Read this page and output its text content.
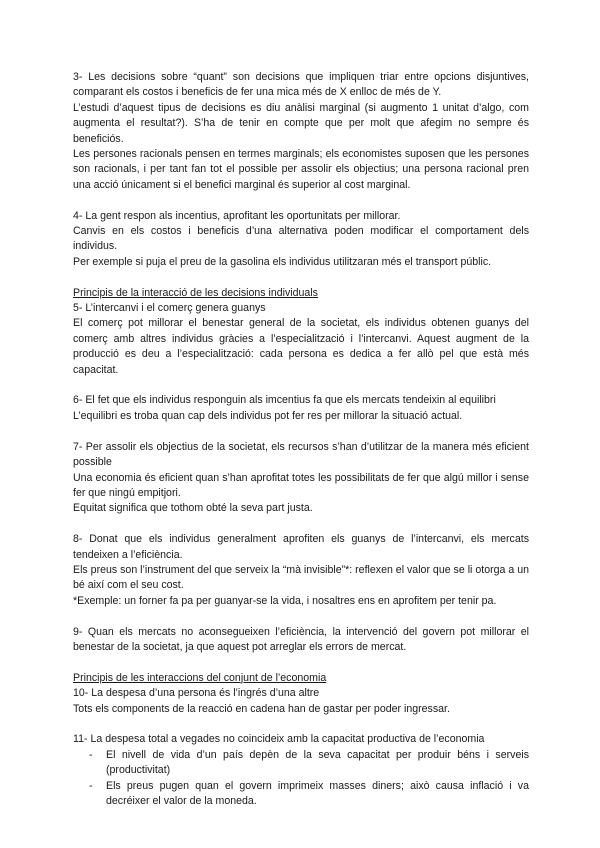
3- Les decisions sobre “quant” son decisions que impliquen triar entre opcions disjuntives, comparant els costos i beneficis de fer una mica més de X enlloc de més de Y.

L’estudi d’aquest tipus de decisions es diu anàlisi marginal (si augmento 1 unitat d’algo, com augmenta el resultat?). S’ha de tenir en compte que per molt que afegim no sempre és beneficiós.

Les persones racionals pensen en termes marginals; els economistes suposen que les persones son racionals, i per tant fan tot el possible per assolir els objectius; una persona racional pren una acció únicament si el benefici marginal és superior al cost marginal.

4- La gent respon als incentius, aprofitant les oportunitats per millorar.

Canvis en els costos i beneficis d’una alternativa poden modificar el comportament dels individus.

Per exemple si puja el preu de la gasolina els individus utilitzaran més el transport públic.

Principis de la interacció de les decisions individuals

5- L’intercanvi i el comerç genera guanys

El comerç pot millorar el benestar general de la societat, els individus obtenen guanys del comerç amb altres individus gràcies a l’especialització i l’intercanvi. Aquest augment de la producció es deu a l’especialització: cada persona es dedica a fer allò pel que està més capacitat.

6- El fet que els individus responguin als imcentius fa que els mercats tendeixin al equilibri

L’equilibri es troba quan cap dels individus pot fer res per millorar la situació actual.

7- Per assolir els objectius de la societat, els recursos s’han d’utilitzar de la manera més eficient possible

Una economia és eficient quan s’han aprofitat totes les possibilitats de fer que algú millor i sense fer que ningú empitjori.

Equitat significa que tothom obté la seva part justa.

8- Donat que els individus generalment aprofiten els guanys de l’intercanvi, els mercats tendeixen a l’eficiència.

Els preus son l’instrument del que serveix la “mà invisible”*: reflexen el valor que se li otorga a un bé així com el seu cost.

*Exemple: un forner fa pa per guanyar-se la vida, i nosaltres ens en aprofitem per tenir pa.

9- Quan els mercats no aconsegueixen l’eficiència, la intervenció del govern pot millorar el benestar de la societat, ja que aquest pot arreglar els errors de mercat.

Principis de les interaccions del conjunt de l’economia

10- La despesa d’una persona és l’ingrés d’una altre

Tots els components de la reacció en cadena han de gastar per poder ingressar.

11- La despesa total a vegades no coincideix amb la capacitat productiva de l’economia

- El nivell de vida d’un país depèn de la seva capacitat per produir béns i serveis (productivitat)
- Els preus pugen quan el govern imprimeix masses diners; això causa inflació i va decréixer el valor de la moneda.
